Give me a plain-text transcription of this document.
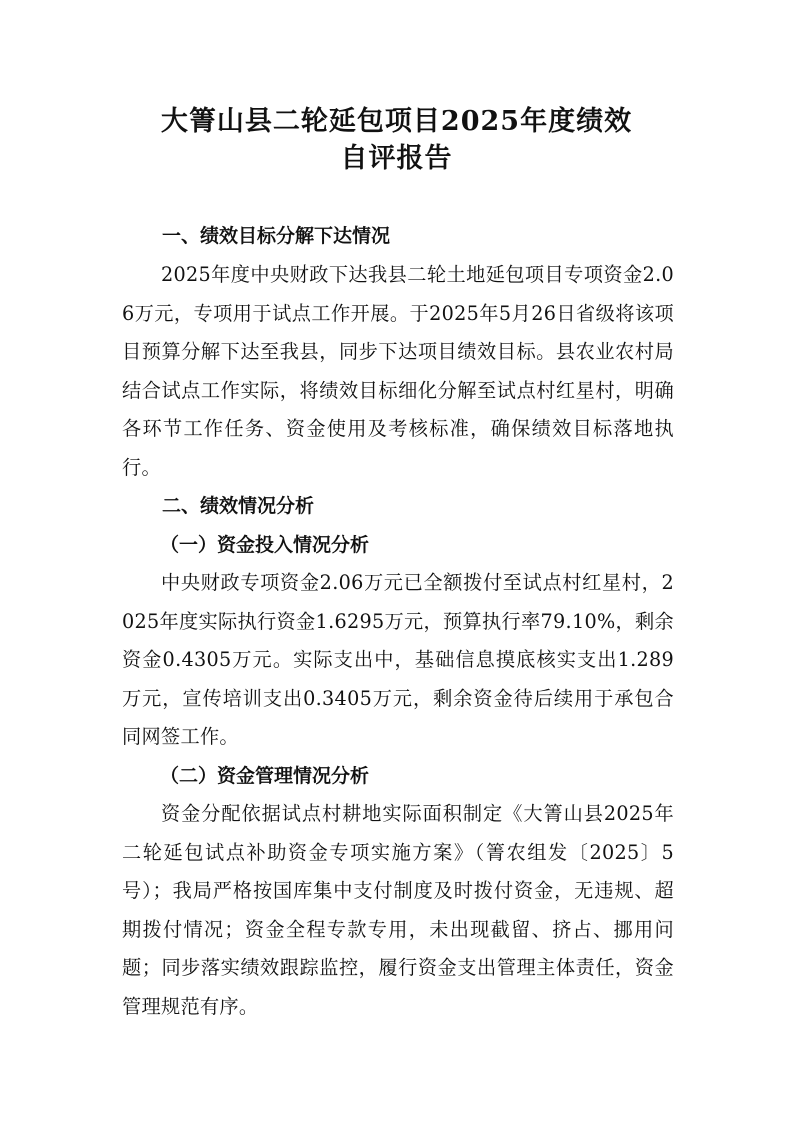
大箐山县二轮延包项目2025年度绩效
自评报告
一、绩效目标分解下达情况

2025年度中央财政下达我县二轮土地延包项目专项资金2.06万元，专项用于试点工作开展。于2025年5月26日省级将该项目预算分解下达至我县，同步下达项目绩效目标。县农业农村局结合试点工作实际，将绩效目标细化分解至试点村红星村，明确各环节工作任务、资金使用及考核标准，确保绩效目标落地执行。

二、绩效情况分析
（一）资金投入情况分析

中央财政专项资金2.06万元已全额拨付至试点村红星村，2025年度实际执行资金1.6295万元，预算执行率79.10%，剩余资金0.4305万元。实际支出中，基础信息摸底核实支出1.289万元，宣传培训支出0.3405万元，剩余资金待后续用于承包合同网签工作。

（二）资金管理情况分析

资金分配依据试点村耕地实际面积制定《大箐山县2025年二轮延包试点补助资金专项实施方案》（箐农组发〔2025〕5号）；我局严格按国库集中支付制度及时拨付资金，无违规、超期拨付情况；资金全程专款专用，未出现截留、挤占、挪用问题；同步落实绩效跟踪监控，履行资金支出管理主体责任，资金管理规范有序。
